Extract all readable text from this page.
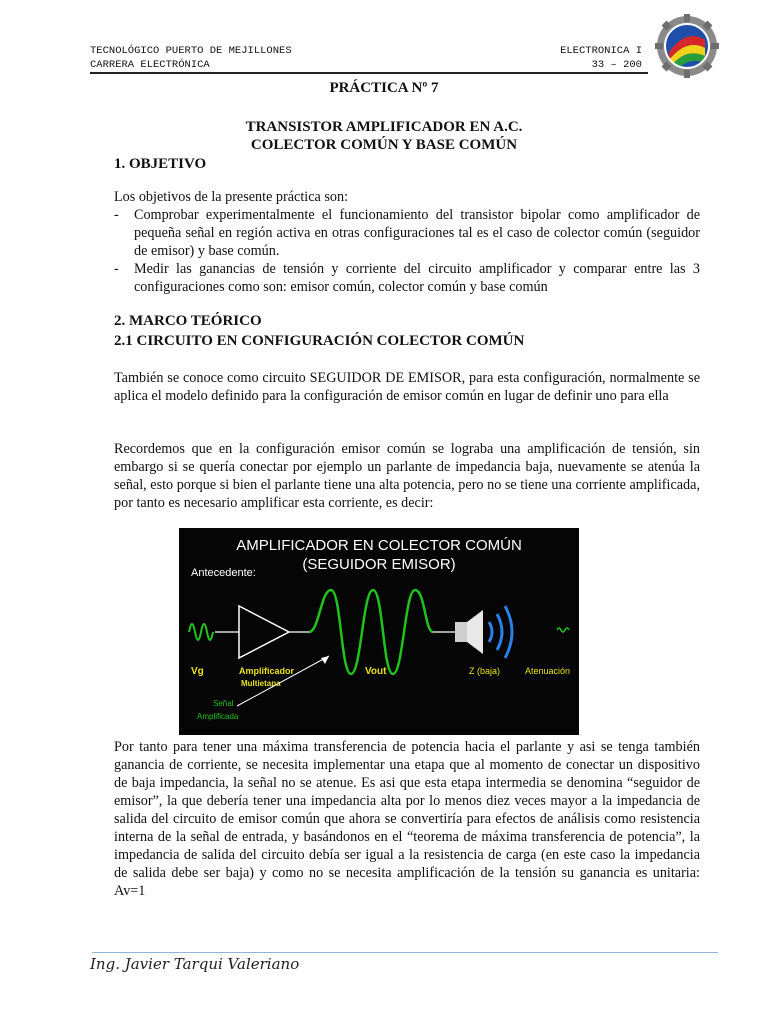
TECNOLÓGICO PUERTO DE MEJILLONES
CARRERA ELECTRÓNICA
ELECTRONICA I
33 – 200
PRÁCTICA Nº 7
TRANSISTOR AMPLIFICADOR EN A.C.
COLECTOR COMÚN Y BASE COMÚN
1. OBJETIVO
Los objetivos de la presente práctica son:
- Comprobar experimentalmente el funcionamiento del transistor bipolar como amplificador de pequeña señal en región activa en otras configuraciones tal es el caso de colector común (seguidor de emisor) y base común.
- Medir las ganancias de tensión y corriente del circuito amplificador y comparar entre las 3 configuraciones como son: emisor común, colector común y base común
2. MARCO TEÓRICO
2.1 CIRCUITO EN CONFIGURACIÓN COLECTOR COMÚN
También se conoce como circuito SEGUIDOR DE EMISOR, para esta configuración, normalmente se aplica el modelo definido para la configuración de emisor común en lugar de definir uno para ella
Recordemos que en la configuración emisor común se lograba una amplificación de tensión, sin embargo si se quería conectar por ejemplo un parlante de impedancia baja, nuevamente se atenúa la señal, esto porque si bien el parlante tiene una alta potencia, pero no se tiene una corriente amplificada, por tanto es necesario amplificar esta corriente, es decir:
AMPLIFICADOR EN COLECTOR COMÚN
(SEGUIDOR EMISOR)
Antecedente:
Vg	Amplificador
Multietapa
Vout	Z (baja)	Atenuación
Señal
Amplificada
Por tanto para tener una máxima transferencia de potencia hacia el parlante y asi se tenga también ganancia de corriente, se necesita implementar una etapa que al momento de conectar un dispositivo de baja impedancia, la señal no se atenue. Es asi que esta etapa intermedia se denomina “seguidor de emisor”, la que debería tener una impedancia alta por lo menos diez veces mayor a la impedancia de salida del circuito de emisor común que ahora se convertiría para efectos de análisis como resistencia interna de la señal de entrada, y basándonos en el “teorema de máxima transferencia de potencia”, la impedancia de salida del circuito debía ser igual a la resistencia de carga (en este caso la impedancia de salida debe ser baja) y como no se necesita amplificación de la tensión su ganancia es unitaria: Av=1
Ing. Javier Tarqui Valeriano
